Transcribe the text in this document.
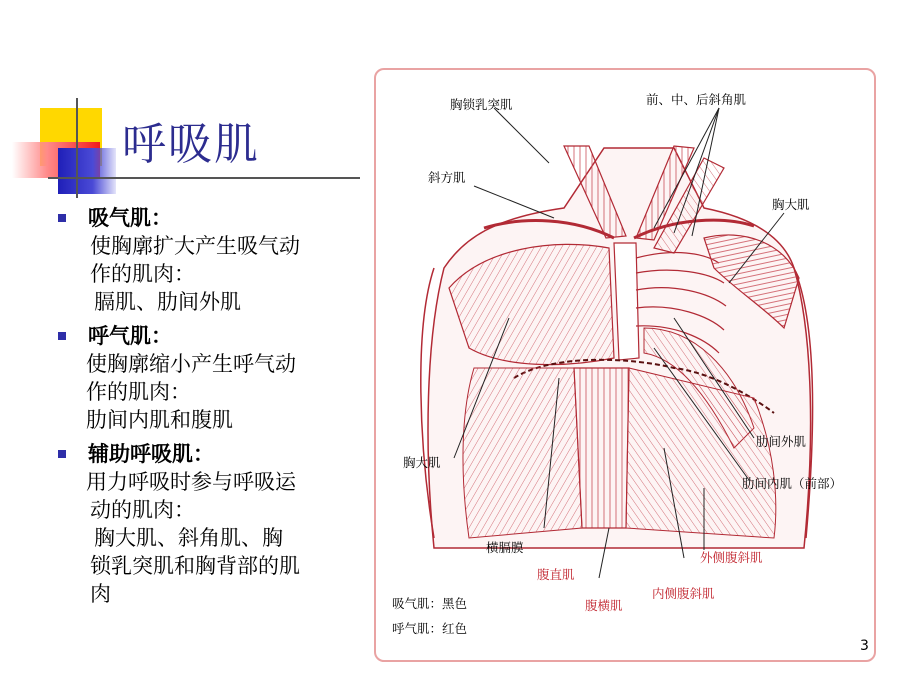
呼吸肌
吸气肌：
使胸廓扩大产生吸气动
作的肌肉：
膈肌、肋间外肌
呼气肌：
使胸廓缩小产生呼气动
作的肌肉：
肋间内肌和腹肌
辅助呼吸肌：
用力呼吸时参与呼吸运
动的肌肉：
胸大肌、斜角肌、胸
锁乳突肌和胸背部的肌
肉
胸锁乳突肌	前、中、后斜角肌
斜方肌
胸大肌
肋间外肌
胸大肌
肋间内肌（前部）
横膈膜
外侧腹斜肌
腹直肌
内侧腹斜肌
腹横肌
吸气肌：黑色
呼气肌：红色
3
